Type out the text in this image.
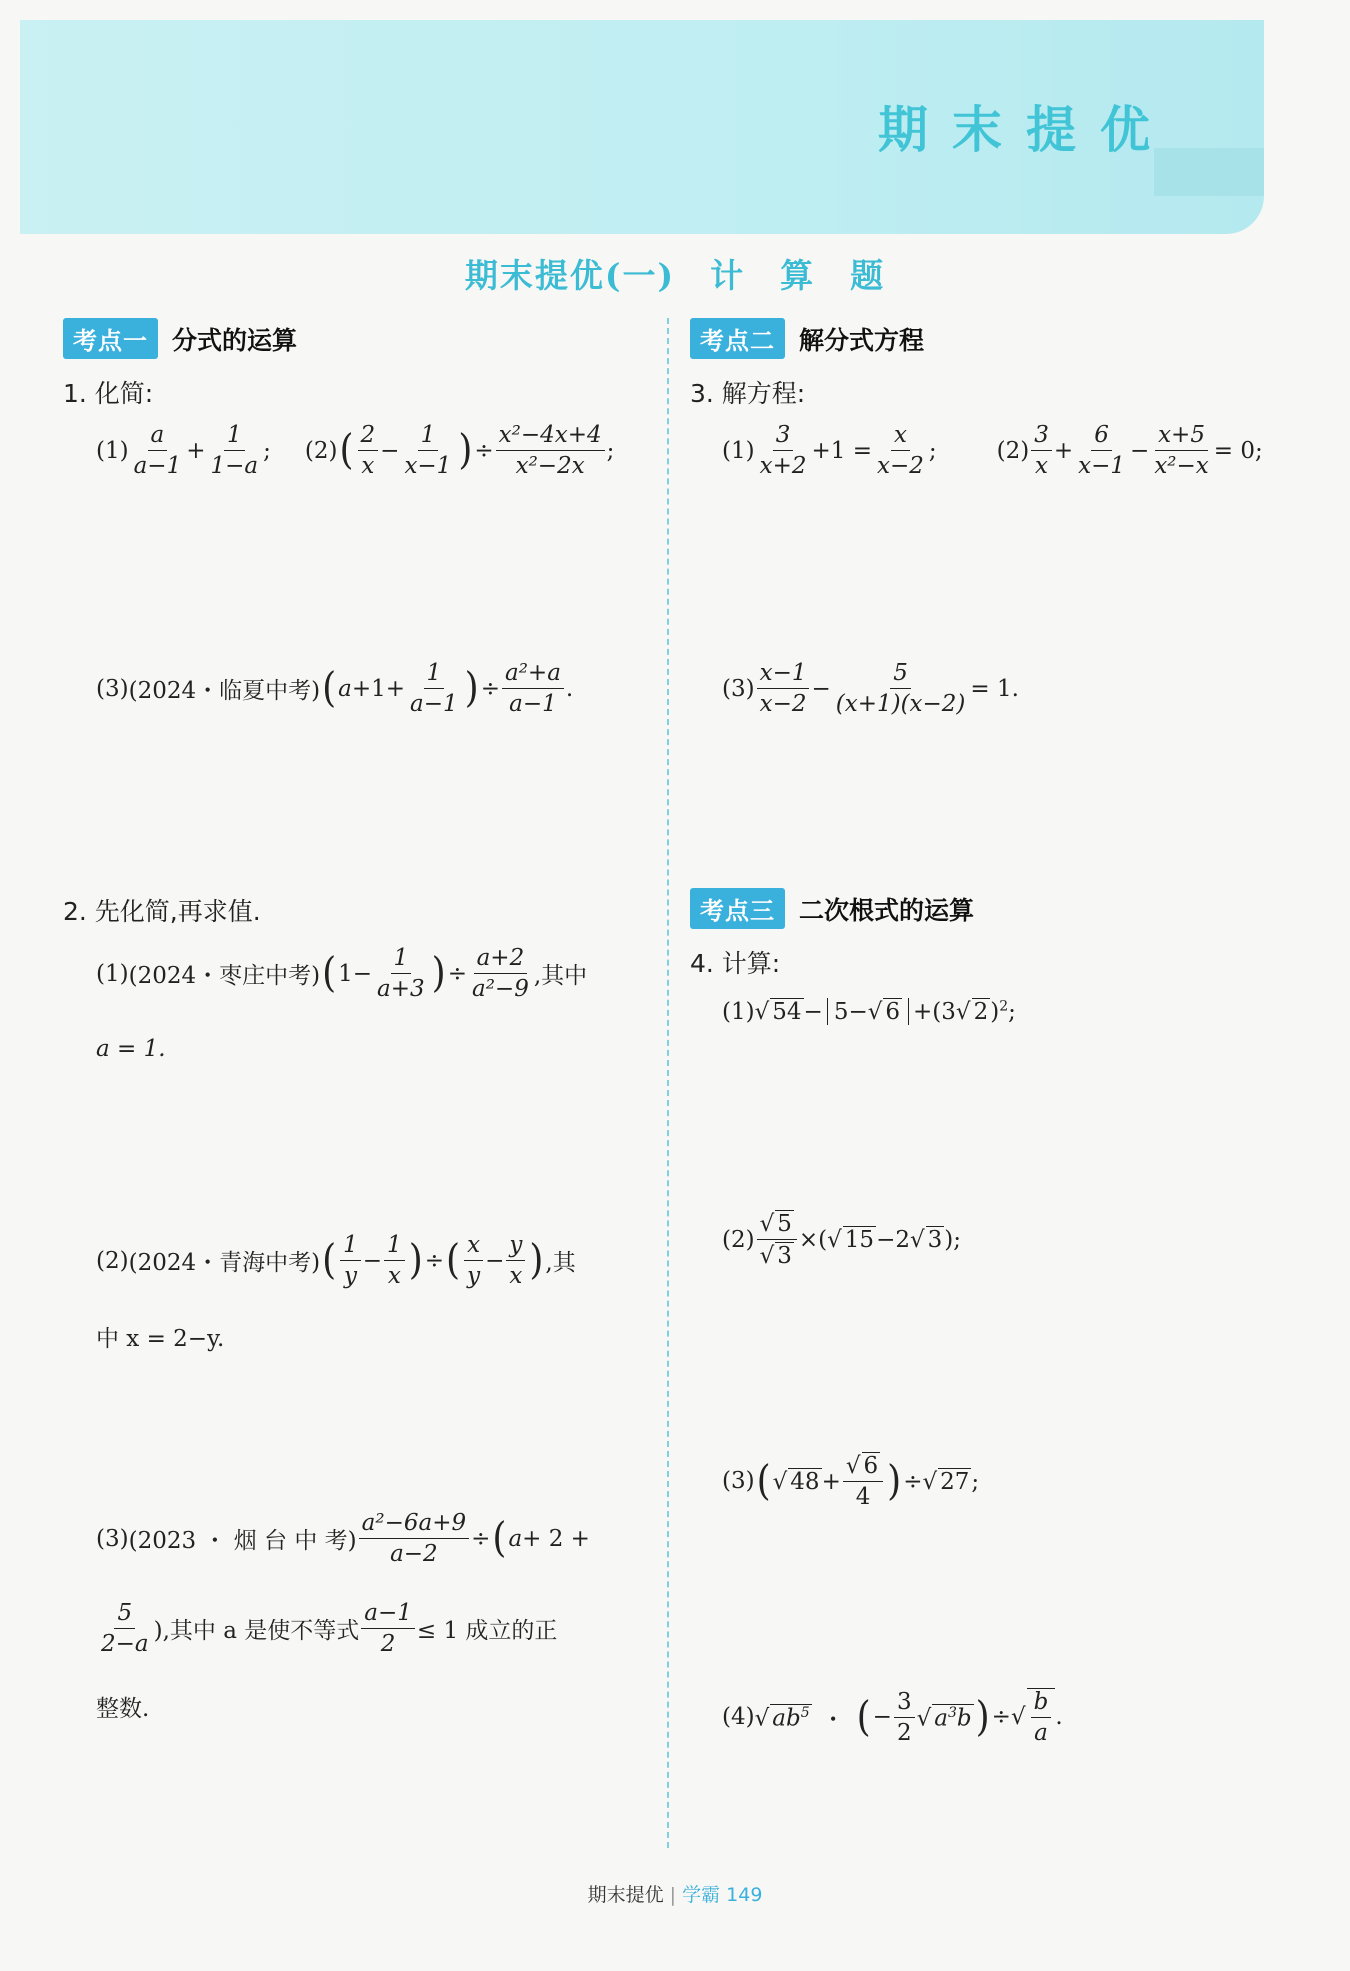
期末提优
期末提优(一)　计　算　题
考点一 分式的运算
1. 化简:
$(1) \frac{a}{a-1} + \frac{1}{1-a}$ ; (2) ( $\frac{2}{x} - \frac{1}{x-1}$ ) ÷ $\frac{\text{x²−4x+4}}{\text{x²−2x}}$ ;
(3) (2024・临夏中考) ( $a +1+ \frac{1}{a-1}$ ) ÷ $\frac{\text{a²+a}}{a-1}$ .
2. 先化简,再求值.
(1) (2024・枣庄中考) ( $1- \frac{1}{a+3}$ ) ÷ $\frac{a+2}{\text{a²−9}}$ ,其中
a = 1.
(2) (2024・青海中考) ( $\frac{1}{y} - \frac{1}{x}$ ) ÷ ( $\frac{x}{y} - \frac{y}{x}$ ) ,其
中 x = 2−y.
(3) (2023 ・ 烟 台 中 考) $\frac{\text{a²−6a+9}}{a-2}$ ÷ ( a + 2 +
$\frac{5}{2-a}$ ),其中 a 是使不等式 $\frac{a-1}{2} \le 1$ 成立的正
整数.
考点二 解分式方程
3. 解方程:
$(1) \frac{3}{x+2} +1 = \frac{x}{x-2}$ ;	$(2) \frac{3}{x} + \frac{6}{x-1} - \frac{x+5}{\text{x²−x}} = 0$;
$(3) \frac{x-1}{x-2} - \frac{5}{(x+1)(x-2)} = 1$.
考点三 二次根式的运算
4. 计算:
(1) √ 54 − 5−√ 6 +(3√ 2)$^2$;
$(2) \frac{√ 5}{√ 3}$ ×(√ 15−2√ 3);
(3) ( √ $48+ \frac{√ 6}{4}$ ) ÷√ 27;
(4) √ $ab^5$ ・ ( − $\frac{3}{2}$ √ $a^3b$ ) ÷ √ $\frac{b}{a}$ .
期末提优 | 学霸 149
